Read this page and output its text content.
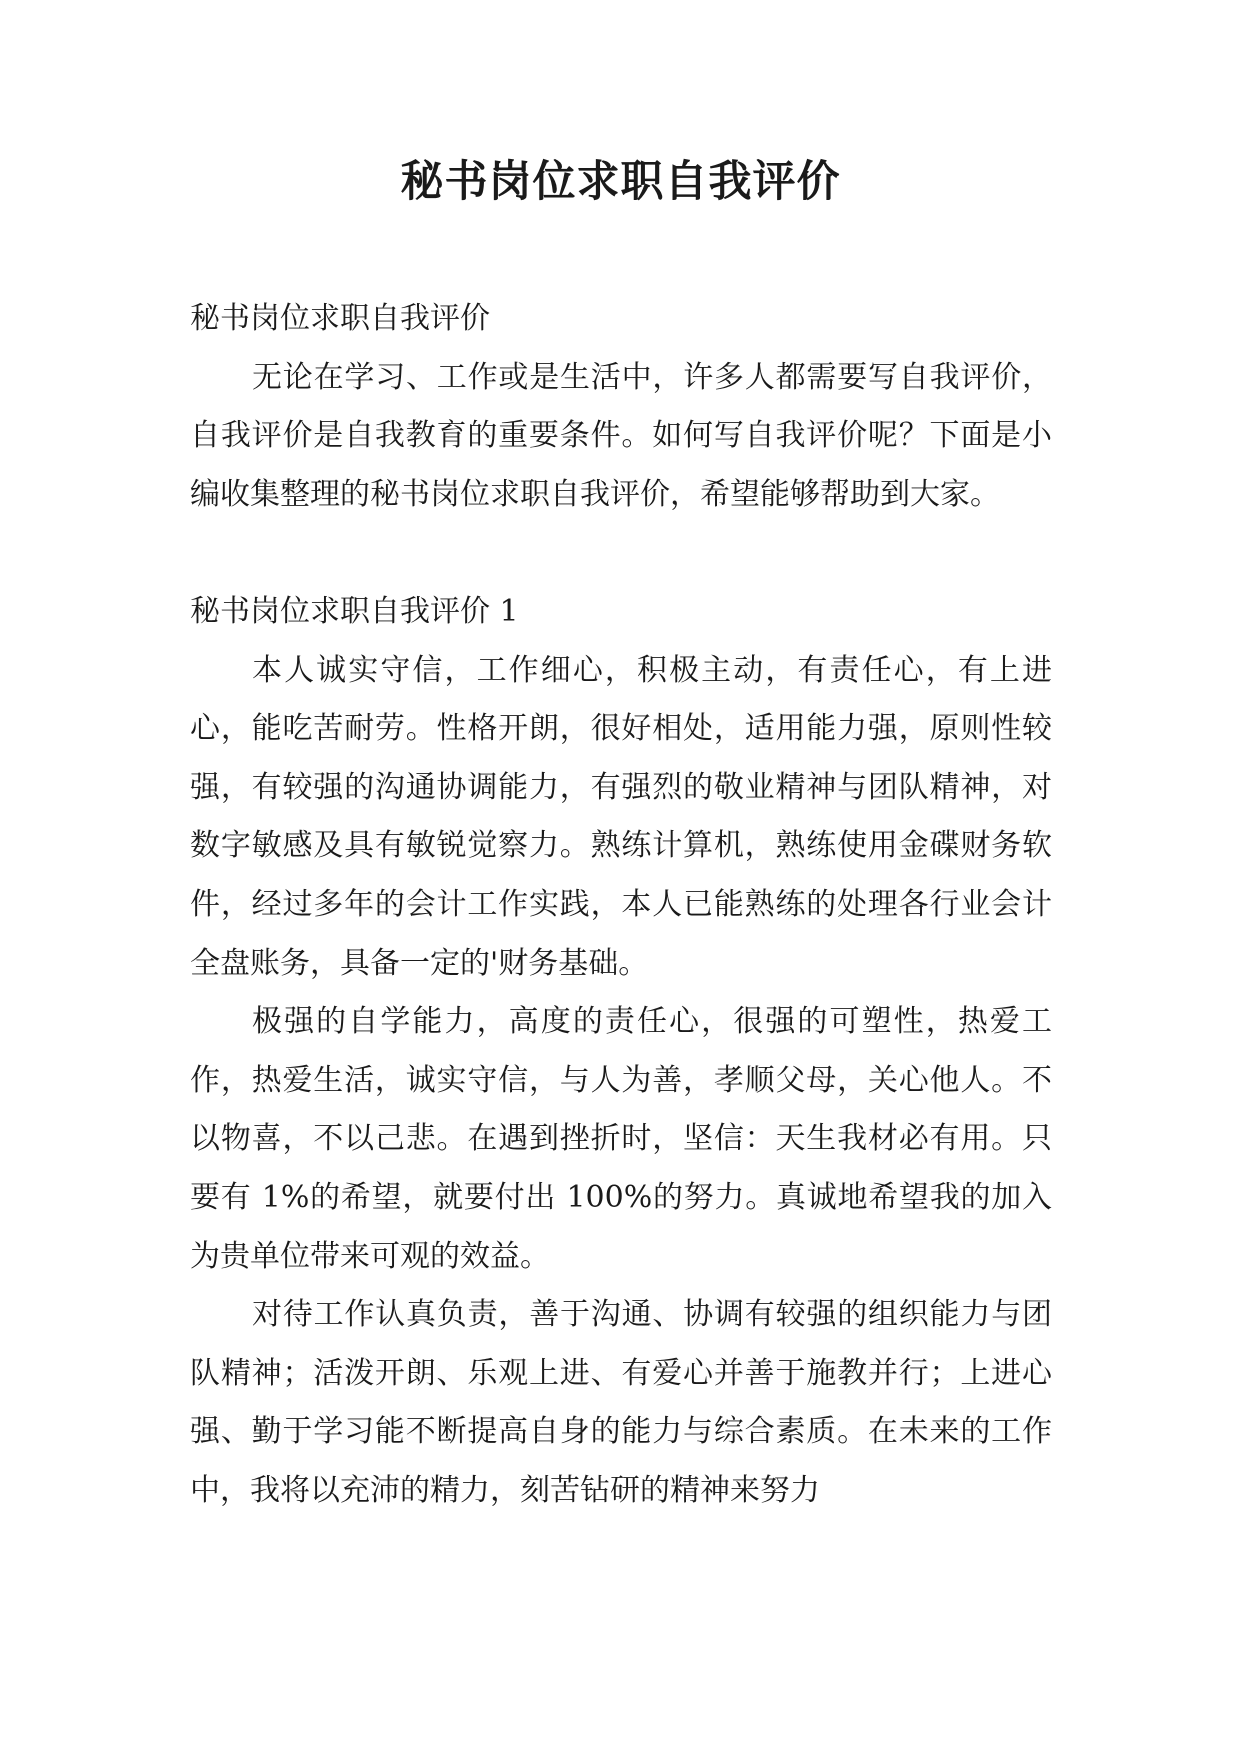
秘书岗位求职自我评价

秘书岗位求职自我评价

无论在学习、工作或是生活中，许多人都需要写自我评价，自我评价是自我教育的重要条件。如何写自我评价呢？下面是小编收集整理的秘书岗位求职自我评价，希望能够帮助到大家。

秘书岗位求职自我评价 1

本人诚实守信，工作细心，积极主动，有责任心，有上进心，能吃苦耐劳。性格开朗，很好相处，适用能力强，原则性较强，有较强的沟通协调能力，有强烈的敬业精神与团队精神，对数字敏感及具有敏锐觉察力。熟练计算机，熟练使用金碟财务软件，经过多年的会计工作实践，本人已能熟练的处理各行业会计全盘账务，具备一定的'财务基础。

极强的自学能力，高度的责任心，很强的可塑性，热爱工作，热爱生活，诚实守信，与人为善，孝顺父母，关心他人。不以物喜，不以己悲。在遇到挫折时，坚信：天生我材必有用。只要有 1%的希望，就要付出 100%的努力。真诚地希望我的加入为贵单位带来可观的效益。

对待工作认真负责，善于沟通、协调有较强的组织能力与团队精神；活泼开朗、乐观上进、有爱心并善于施教并行；上进心强、勤于学习能不断提高自身的能力与综合素质。在未来的工作中，我将以充沛的精力，刻苦钻研的精神来努力
